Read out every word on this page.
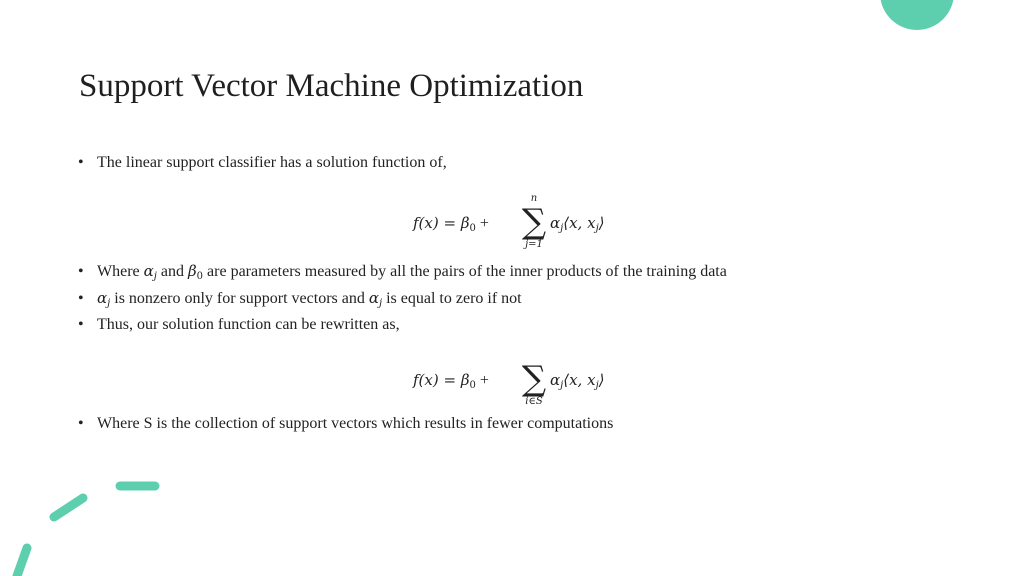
Support Vector Machine Optimization
• The linear support classifier has a solution function of,
$f(x) = \beta_0$ +
n
∑
j=1
$\alpha_j⟨x$, $x_j⟩$
• Where $\alpha_j$ and $\beta_0$ are parameters measured by all the pairs of the inner products of the training data
• $\alpha_j$ is nonzero only for support vectors and $\alpha_j$ is equal to zero if not
• Thus, our solution function can be rewritten as,
$f(x) = \beta_0$ + ∑
i∈S
$\alpha_j⟨x$, $x_j⟩$
• Where S is the collection of support vectors which results in fewer computations
